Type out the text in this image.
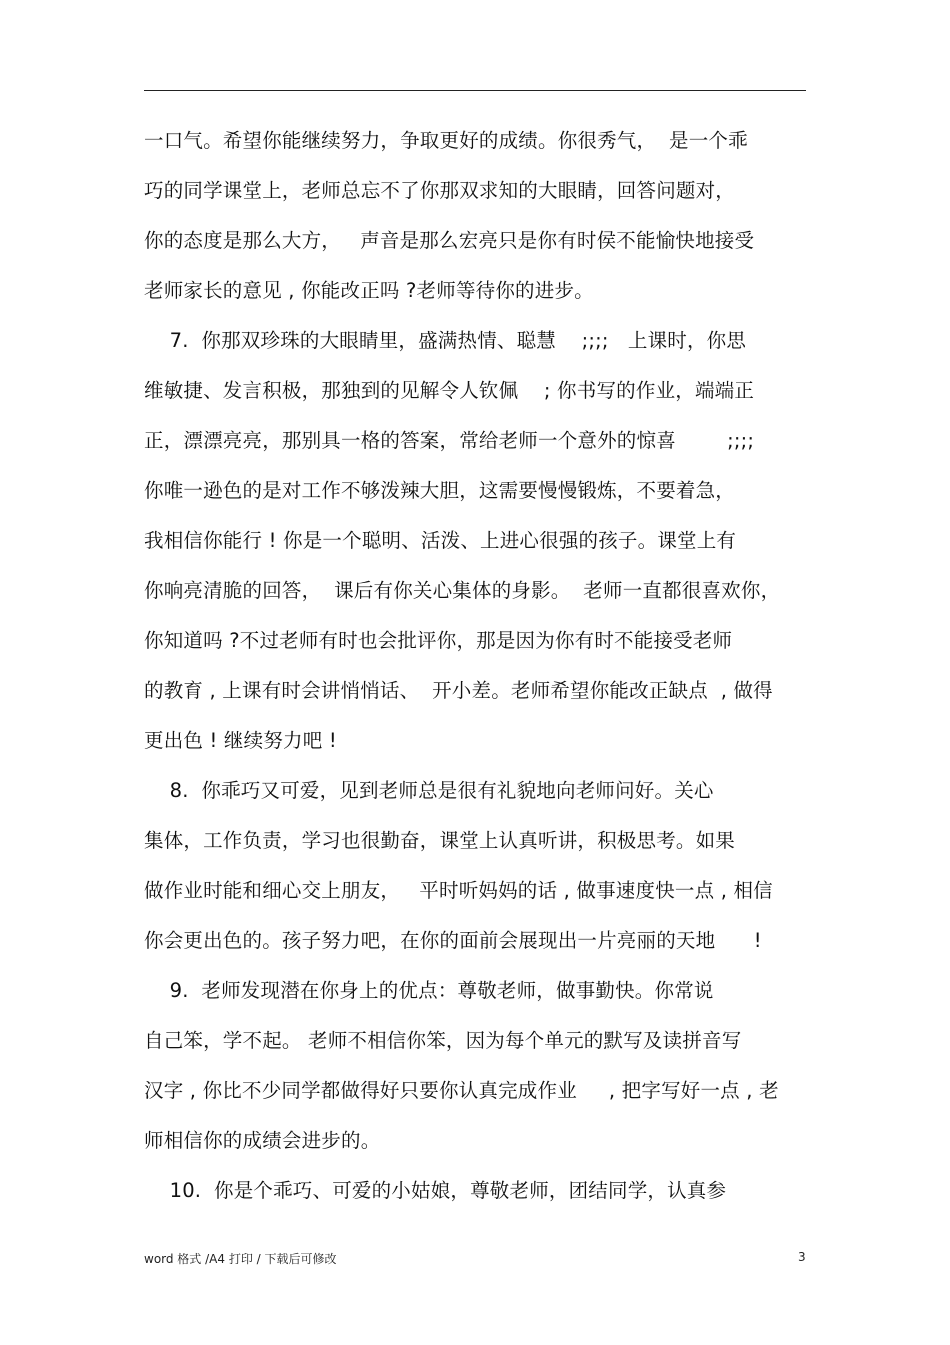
一口气。希望你能继续努力，争取更好的成绩。你很秀气，  是一个乖
巧的同学课堂上，老师总忘不了你那双求知的大眼睛，回答问题对，
你的态度是那么大方，   声音是那么宏亮只是你有时侯不能愉快地接受
老师家长的意见 , 你能改正吗 ?老师等待你的进步。
7.  你那双珍珠的大眼睛里，盛满热情、聪慧    ;;;;   上课时，你思
维敏捷、发言积极，那独到的见解令人钦佩    ; 你书写的作业，端端正
正，漂漂亮亮，那别具一格的答案，常给老师一个意外的惊喜        ;;;;
你唯一逊色的是对工作不够泼辣大胆，这需要慢慢锻炼，不要着急，
我相信你能行 ! 你是一个聪明、活泼、上进心很强的孩子。课堂上有
你响亮清脆的回答，  课后有你关心集体的身影。  老师一直都很喜欢你，
你知道吗 ?不过老师有时也会批评你，那是因为你有时不能接受老师
的教育 , 上课有时会讲悄悄话、  开小差。老师希望你能改正缺点  , 做得
更出色 ! 继续努力吧 !
8.  你乖巧又可爱，见到老师总是很有礼貌地向老师问好。关心
集体，工作负责，学习也很勤奋，课堂上认真听讲，积极思考。如果
做作业时能和细心交上朋友，   平时听妈妈的话 , 做事速度快一点 , 相信
你会更出色的。孩子努力吧，在你的面前会展现出一片亮丽的天地      !
9.  老师发现潜在你身上的优点：尊敬老师，做事勤快。你常说
自己笨，学不起。 老师不相信你笨，因为每个单元的默写及读拼音写
汉字 , 你比不少同学都做得好只要你认真完成作业     , 把字写好一点 , 老
师相信你的成绩会进步的。
10.  你是个乖巧、可爱的小姑娘，尊敬老师，团结同学，认真参
word 格式 /A4 打印 / 下载后可修改	3
